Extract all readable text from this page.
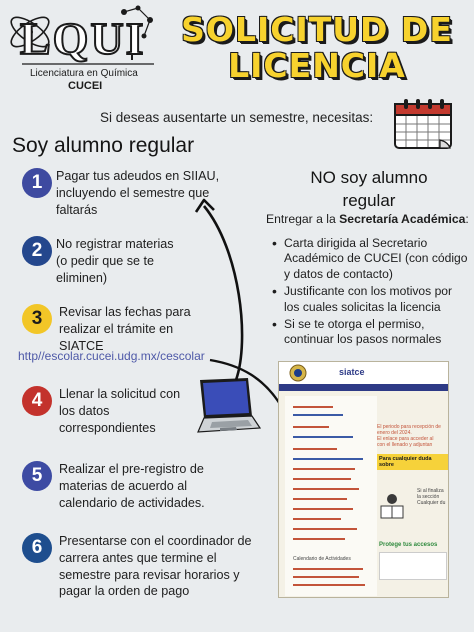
LQUI
Licenciatura en Química
CUCEI
SOLICITUD DE
LICENCIA
Si deseas ausentarte un semestre, necesitas:
Soy alumno regular
1	Pagar tus adeudos en SIIAU, incluyendo el semestre que faltarás
2	No registrar materias (o pedir que se te eliminen)
3	Revisar las fechas para realizar el trámite en SIATCE
http//escolar.cucei.udg.mx/cescolar
4	Llenar la solicitud con los datos correspondientes
5	Realizar el pre-registro de materias de acuerdo al calendario de actividades.
6	Presentarse con el coordinador de carrera antes que termine el semestre para revisar horarios y pagar la orden de pago
NO soy alumno
regular
Entregar a la Secretaría Académica:
• Carta dirigida al Secretario Académico de CUCEI (con código y datos de contacto)
• Justificante con los motivos por los cuales solicitas la licencia
• Si se te otorga el permiso, continuar los pasos normales
siatce
Calendario de Actividades
El periodo para recepción de
enero del 2024.
El enlace para acceder al
con el llenado y adjuntan
Para cualquier duda sobre
Si al finaliza
la sección
Cualquier du
Protege tus accesos
